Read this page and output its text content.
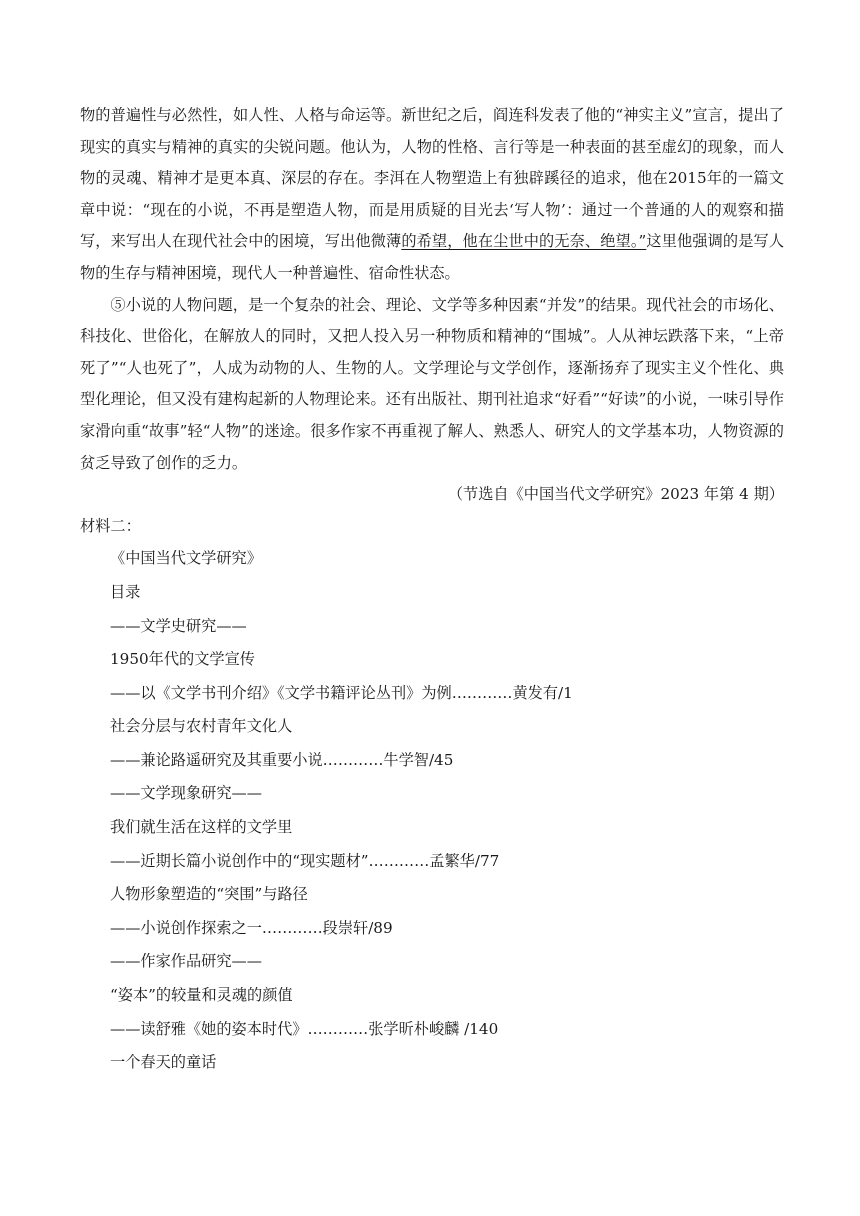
物的普遍性与必然性，如人性、人格与命运等。新世纪之后，阎连科发表了他的“神实主义”宣言，提出了现实的真实与精神的真实的尖锐问题。他认为，人物的性格、言行等是一种表面的甚至虚幻的现象，而人物的灵魂、精神才是更本真、深层的存在。李洱在人物塑造上有独辟蹊径的追求，他在2015年的一篇文章中说：“现在的小说，不再是塑造人物，而是用质疑的目光去‘写人物’：通过一个普通的人的观察和描写，来写出人在现代社会中的困境，写出他微薄的希望，他在尘世中的无奈、绝望。”这里他强调的是写人物的生存与精神困境，现代人一种普遍性、宿命性状态。

⑤小说的人物问题，是一个复杂的社会、理论、文学等多种因素“并发”的结果。现代社会的市场化、科技化、世俗化，在解放人的同时，又把人投入另一种物质和精神的“围城”。人从神坛跌落下来，“上帝死了”“人也死了”，人成为动物的人、生物的人。文学理论与文学创作，逐渐扬弃了现实主义个性化、典型化理论，但又没有建构起新的人物理论来。还有出版社、期刊社追求“好看”“好读”的小说，一味引导作家滑向重“故事”轻“人物”的迷途。很多作家不再重视了解人、熟悉人、研究人的文学基本功，人物资源的贫乏导致了创作的乏力。

（节选自《中国当代文学研究》2023 年第 4 期）

材料二：

《中国当代文学研究》
目录
——文学史研究——
1950年代的文学宣传
——以《文学书刊介绍》《文学书籍评论丛刊》为例…………黄发有/1
社会分层与农村青年文化人
——兼论路遥研究及其重要小说…………牛学智/45
——文学现象研究——
我们就生活在这样的文学里
——近期长篇小说创作中的“现实题材”…………孟繁华/77
人物形象塑造的“突围”与路径
——小说创作探索之一…………段崇轩/89
——作家作品研究——
“姿本”的较量和灵魂的颜值
——读舒雅《她的姿本时代》…………张学昕朴峻麟 /140
一个春天的童话
